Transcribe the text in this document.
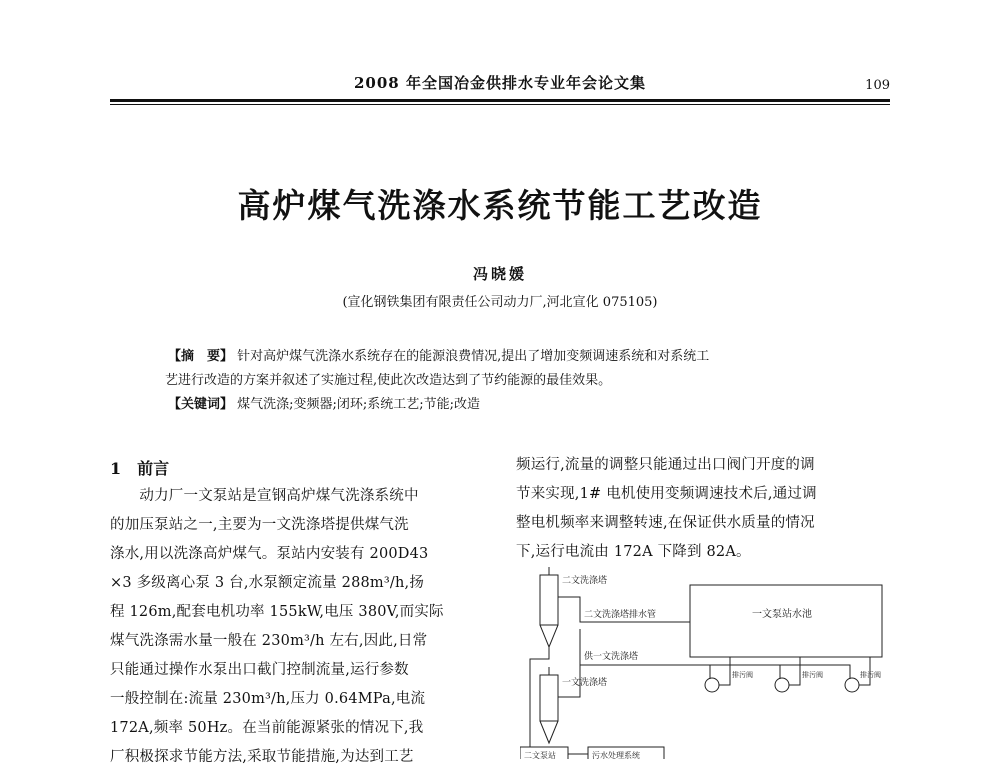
2008 年全国冶金供排水专业年会论文集	109
高炉煤气洗涤水系统节能工艺改造
冯晓媛
(宣化钢铁集团有限责任公司动力厂,河北宣化 075105)
【摘　要】 针对高炉煤气洗涤水系统存在的能源浪费情况,提出了增加变频调速系统和对系统工
艺进行改造的方案并叙述了实施过程,使此次改造达到了节约能源的最佳效果。
【关键词】 煤气洗涤;变频器;闭环;系统工艺;节能;改造
1　前言
　　动力厂一文泵站是宣钢高炉煤气洗涤系统中
的加压泵站之一,主要为一文洗涤塔提供煤气洗
涤水,用以洗涤高炉煤气。泵站内安装有 200D43
×3 多级离心泵 3 台,水泵额定流量 288m³/h,扬
程 126m,配套电机功率 155kW,电压 380V,而实际
煤气洗涤需水量一般在 230m³/h 左右,因此,日常
只能通过操作水泵出口截门控制流量,运行参数
一般控制在:流量 230m³/h,压力 0.64MPa,电流
172A,频率 50Hz。在当前能源紧张的情况下,我
厂积极探求节能方法,采取节能措施,为达到工艺
频运行,流量的调整只能通过出口阀门开度的调
节来实现,1# 电机使用变频调速技术后,通过调
整电机频率来调整转速,在保证供水质量的情况
下,运行电流由 172A 下降到 82A。
二文洗涤塔
二文洗涤塔排水管	一文泵站水池
供一文洗涤塔
一文洗涤塔
排污阀	排污阀	排污阀
二文泵站	污水处理系统
